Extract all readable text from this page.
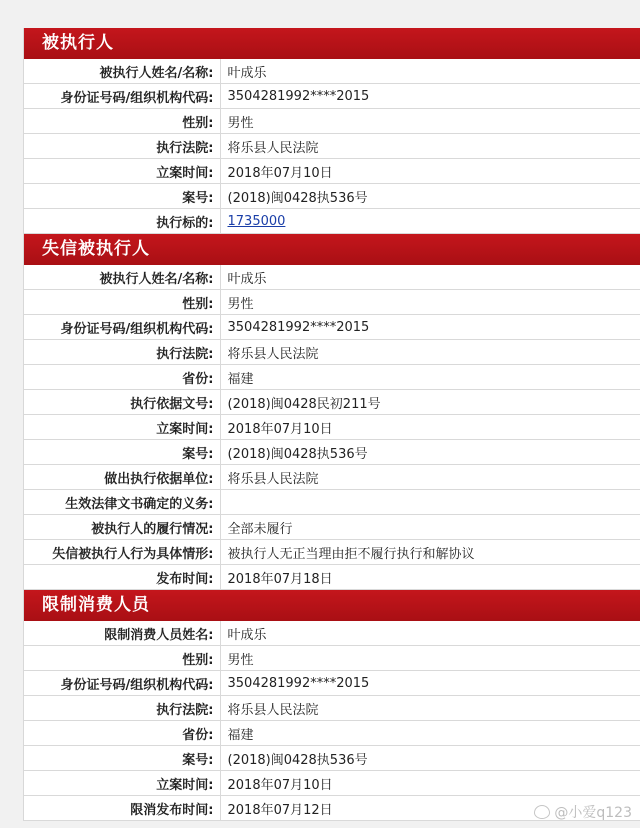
被执行人
被执行人姓名/名称:	叶成乐
身份证号码/组织机构代码:	3504281992****2015
性别:	男性
执行法院:	将乐县人民法院
立案时间:	2018年07月10日
案号:	(2018)闽0428执536号
执行标的:	1735000
失信被执行人
被执行人姓名/名称:	叶成乐
性别:	男性
身份证号码/组织机构代码:	3504281992****2015
执行法院:	将乐县人民法院
省份:	福建
执行依据文号:	(2018)闽0428民初211号
立案时间:	2018年07月10日
案号:	(2018)闽0428执536号
做出执行依据单位:	将乐县人民法院
生效法律文书确定的义务:	
被执行人的履行情况:	全部未履行
失信被执行人行为具体情形:	被执行人无正当理由拒不履行执行和解协议
发布时间:	2018年07月18日
限制消费人员
限制消费人员姓名:	叶成乐
性别:	男性
身份证号码/组织机构代码:	3504281992****2015
执行法院:	将乐县人民法院
省份:	福建
案号:	(2018)闽0428执536号
立案时间:	2018年07月10日
限消发布时间:	2018年07月12日	@小爱q123
